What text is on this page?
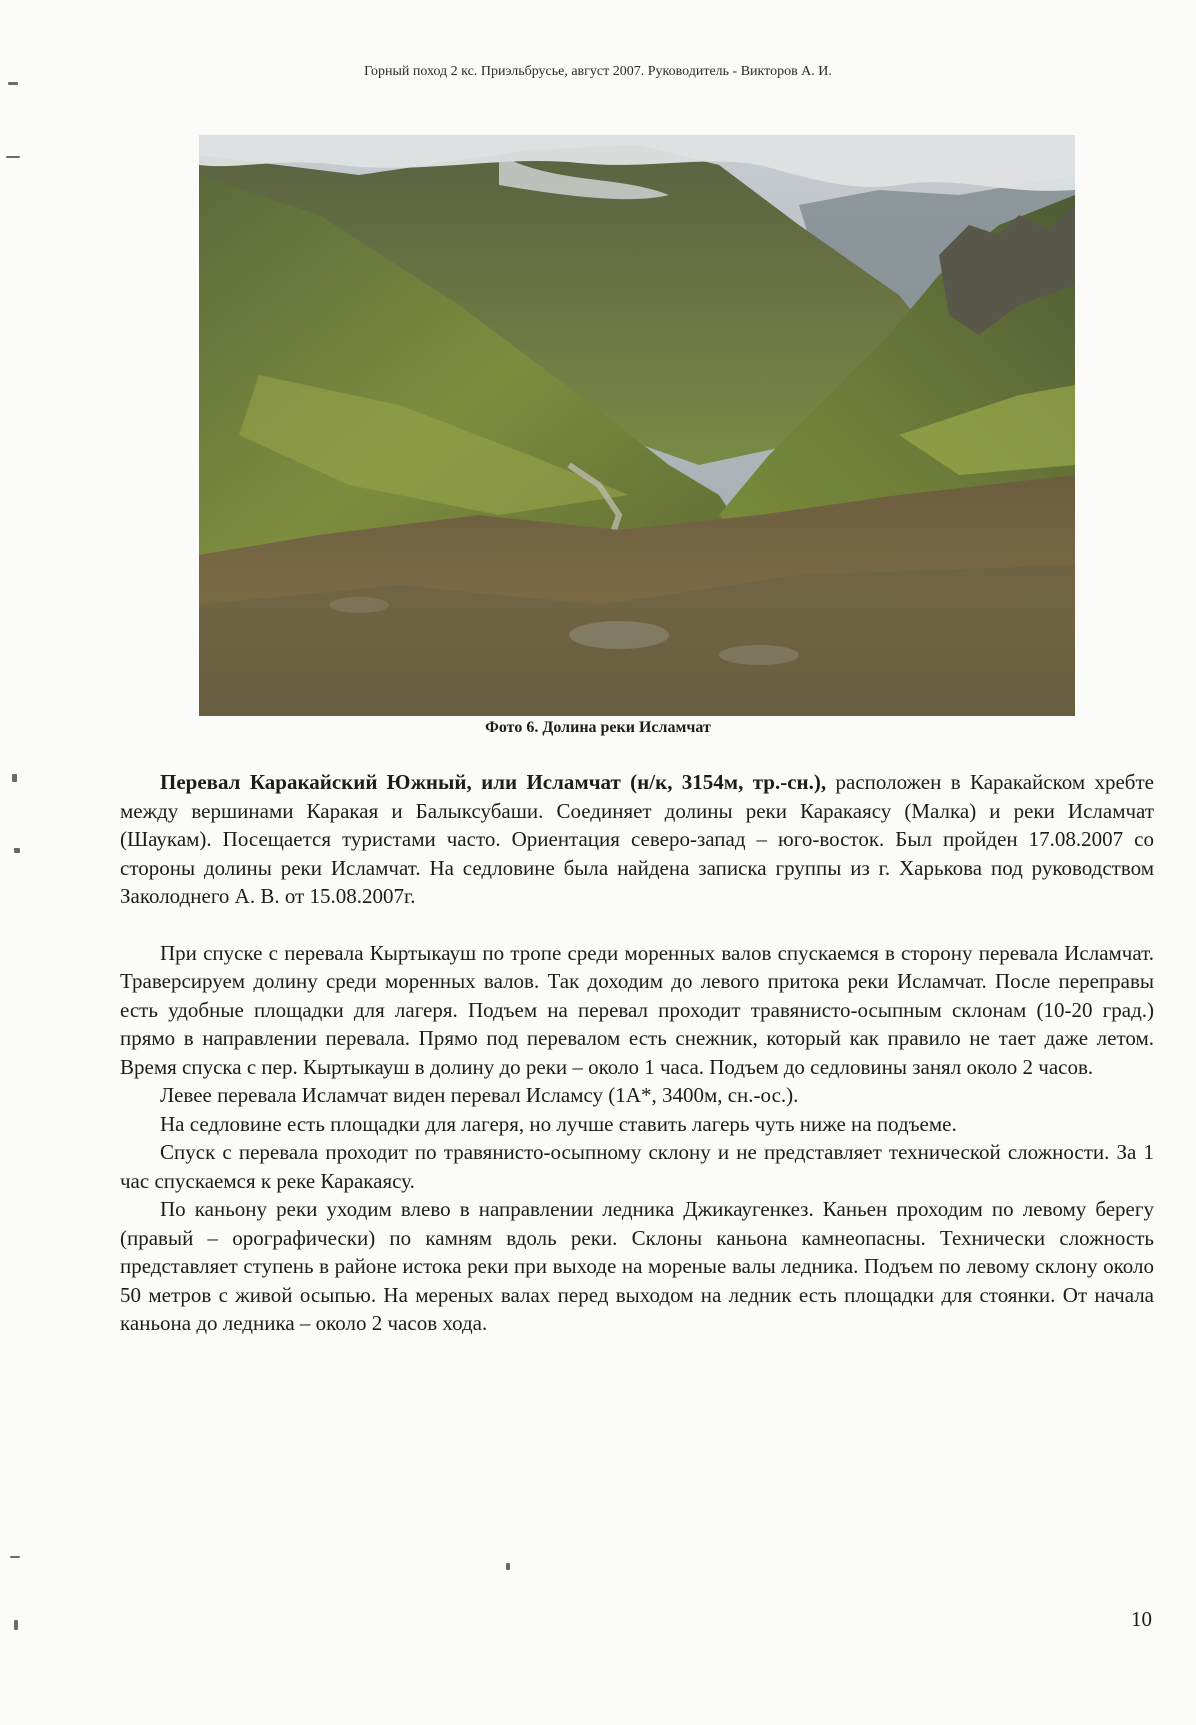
Горный поход 2 кс. Приэльбрусье, август 2007. Руководитель - Викторов А. И.
Фото 6. Долина реки Исламчат

Перевал Каракайский Южный, или Исламчат (н/к, 3154м, тр.-сн.), расположен в Каракайском хребте между вершинами Каракая и Балыксубаши. Соединяет долины реки Каракаясу (Малка) и реки Исламчат (Шаукам). Посещается туристами часто. Ориентация северо-запад – юго-восток. Был пройден 17.08.2007 со стороны долины реки Исламчат. На седловине была найдена записка группы из г. Харькова под руководством Заколоднего А. В. от 15.08.2007г.

При спуске с перевала Кыртыкауш по тропе среди моренных валов спускаемся в сторону перевала Исламчат. Траверсируем долину среди моренных валов. Так доходим до левого притока реки Исламчат. После переправы есть удобные площадки для лагеря. Подъем на перевал проходит травянисто-осыпным склонам (10-20 град.) прямо в направлении перевала. Прямо под перевалом есть снежник, который как правило не тает даже летом. Время спуска с пер. Кыртыкауш в долину до реки – около 1 часа. Подъем до седловины занял около 2 часов.

Левее перевала Исламчат виден перевал Исламсу (1А*, 3400м, сн.-ос.).

На седловине есть площадки для лагеря, но лучше ставить лагерь чуть ниже на подъеме.

Спуск с перевала проходит по травянисто-осыпному склону и не представляет технической сложности. За 1 час спускаемся к реке Каракаясу.

По каньону реки уходим влево в направлении ледника Джикаугенкез. Каньен проходим по левому берегу (правый – орографически) по камням вдоль реки. Склоны каньона камнеопасны. Технически сложность представляет ступень в районе истока реки при выходе на мореные валы ледника. Подъем по левому склону около 50 метров с живой осыпью. На мереных валах перед выходом на ледник есть площадки для стоянки. От начала каньона до ледника – около 2 часов хода.

10
